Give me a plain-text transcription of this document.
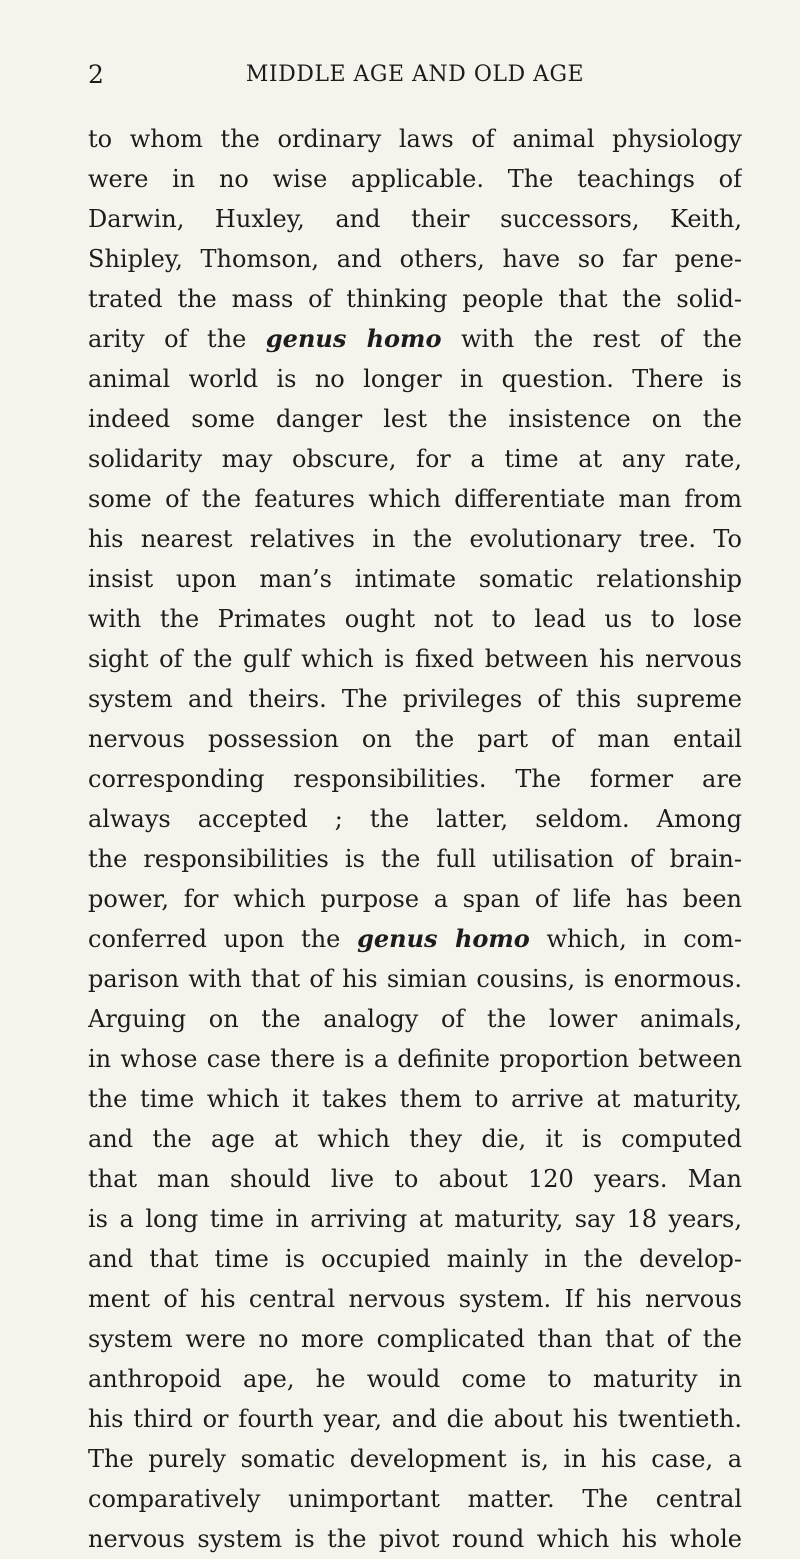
2	MIDDLE AGE AND OLD AGE
to whom the ordinary laws of animal physiology
were in no wise applicable. The teachings of
Darwin, Huxley, and their successors, Keith,
Shipley, Thomson, and others, have so far pene-
trated the mass of thinking people that the solid-
arity of the genus homo with the rest of the
animal world is no longer in question. There is
indeed some danger lest the insistence on the
solidarity may obscure, for a time at any rate,
some of the features which differentiate man from
his nearest relatives in the evolutionary tree. To
insist upon man’s intimate somatic relationship
with the Primates ought not to lead us to lose
sight of the gulf which is fixed between his nervous
system and theirs. The privileges of this supreme
nervous possession on the part of man entail
corresponding responsibilities. The former are
always accepted ; the latter, seldom. Among
the responsibilities is the full utilisation of brain-
power, for which purpose a span of life has been
conferred upon the genus homo which, in com-
parison with that of his simian cousins, is enormous.
Arguing on the analogy of the lower animals,
in whose case there is a definite proportion between
the time which it takes them to arrive at maturity,
and the age at which they die, it is computed
that man should live to about 120 years. Man
is a long time in arriving at maturity, say 18 years,
and that time is occupied mainly in the develop-
ment of his central nervous system. If his nervous
system were no more complicated than that of the
anthropoid ape, he would come to maturity in
his third or fourth year, and die about his twentieth.
The purely somatic development is, in his case, a
comparatively unimportant matter. The central
nervous system is the pivot round which his whole
